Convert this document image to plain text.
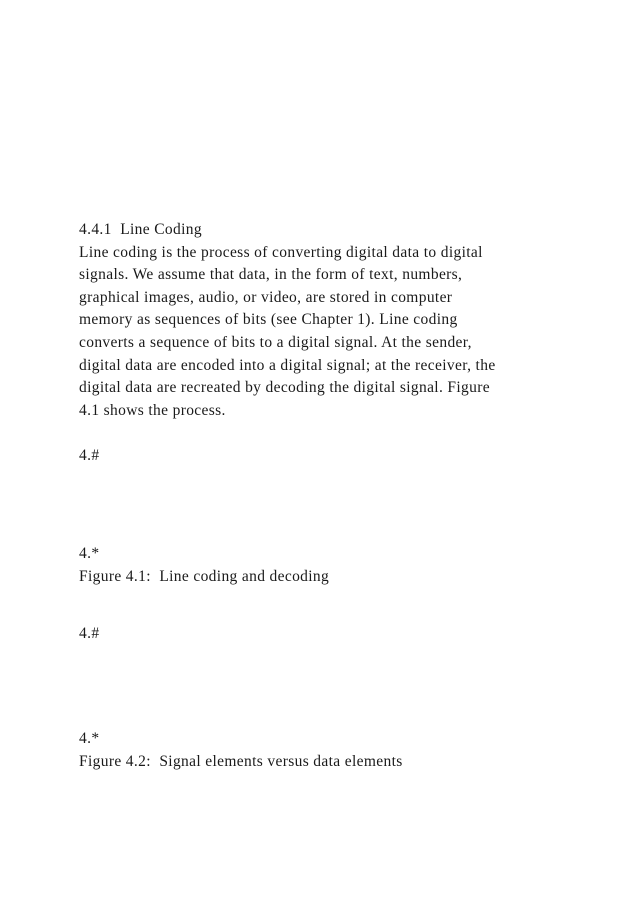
4.4.1  Line Coding
Line coding is the process of converting digital data to digital
signals. We assume that data, in the form of text, numbers,
graphical images, audio, or video, are stored in computer
memory as sequences of bits (see Chapter 1). Line coding
converts a sequence of bits to a digital signal. At the sender,
digital data are encoded into a digital signal; at the receiver, the
digital data are recreated by decoding the digital signal. Figure
4.1 shows the process.
4.#
4.*
Figure 4.1:  Line coding and decoding
4.#
4.*
Figure 4.2:  Signal elements versus data elements
